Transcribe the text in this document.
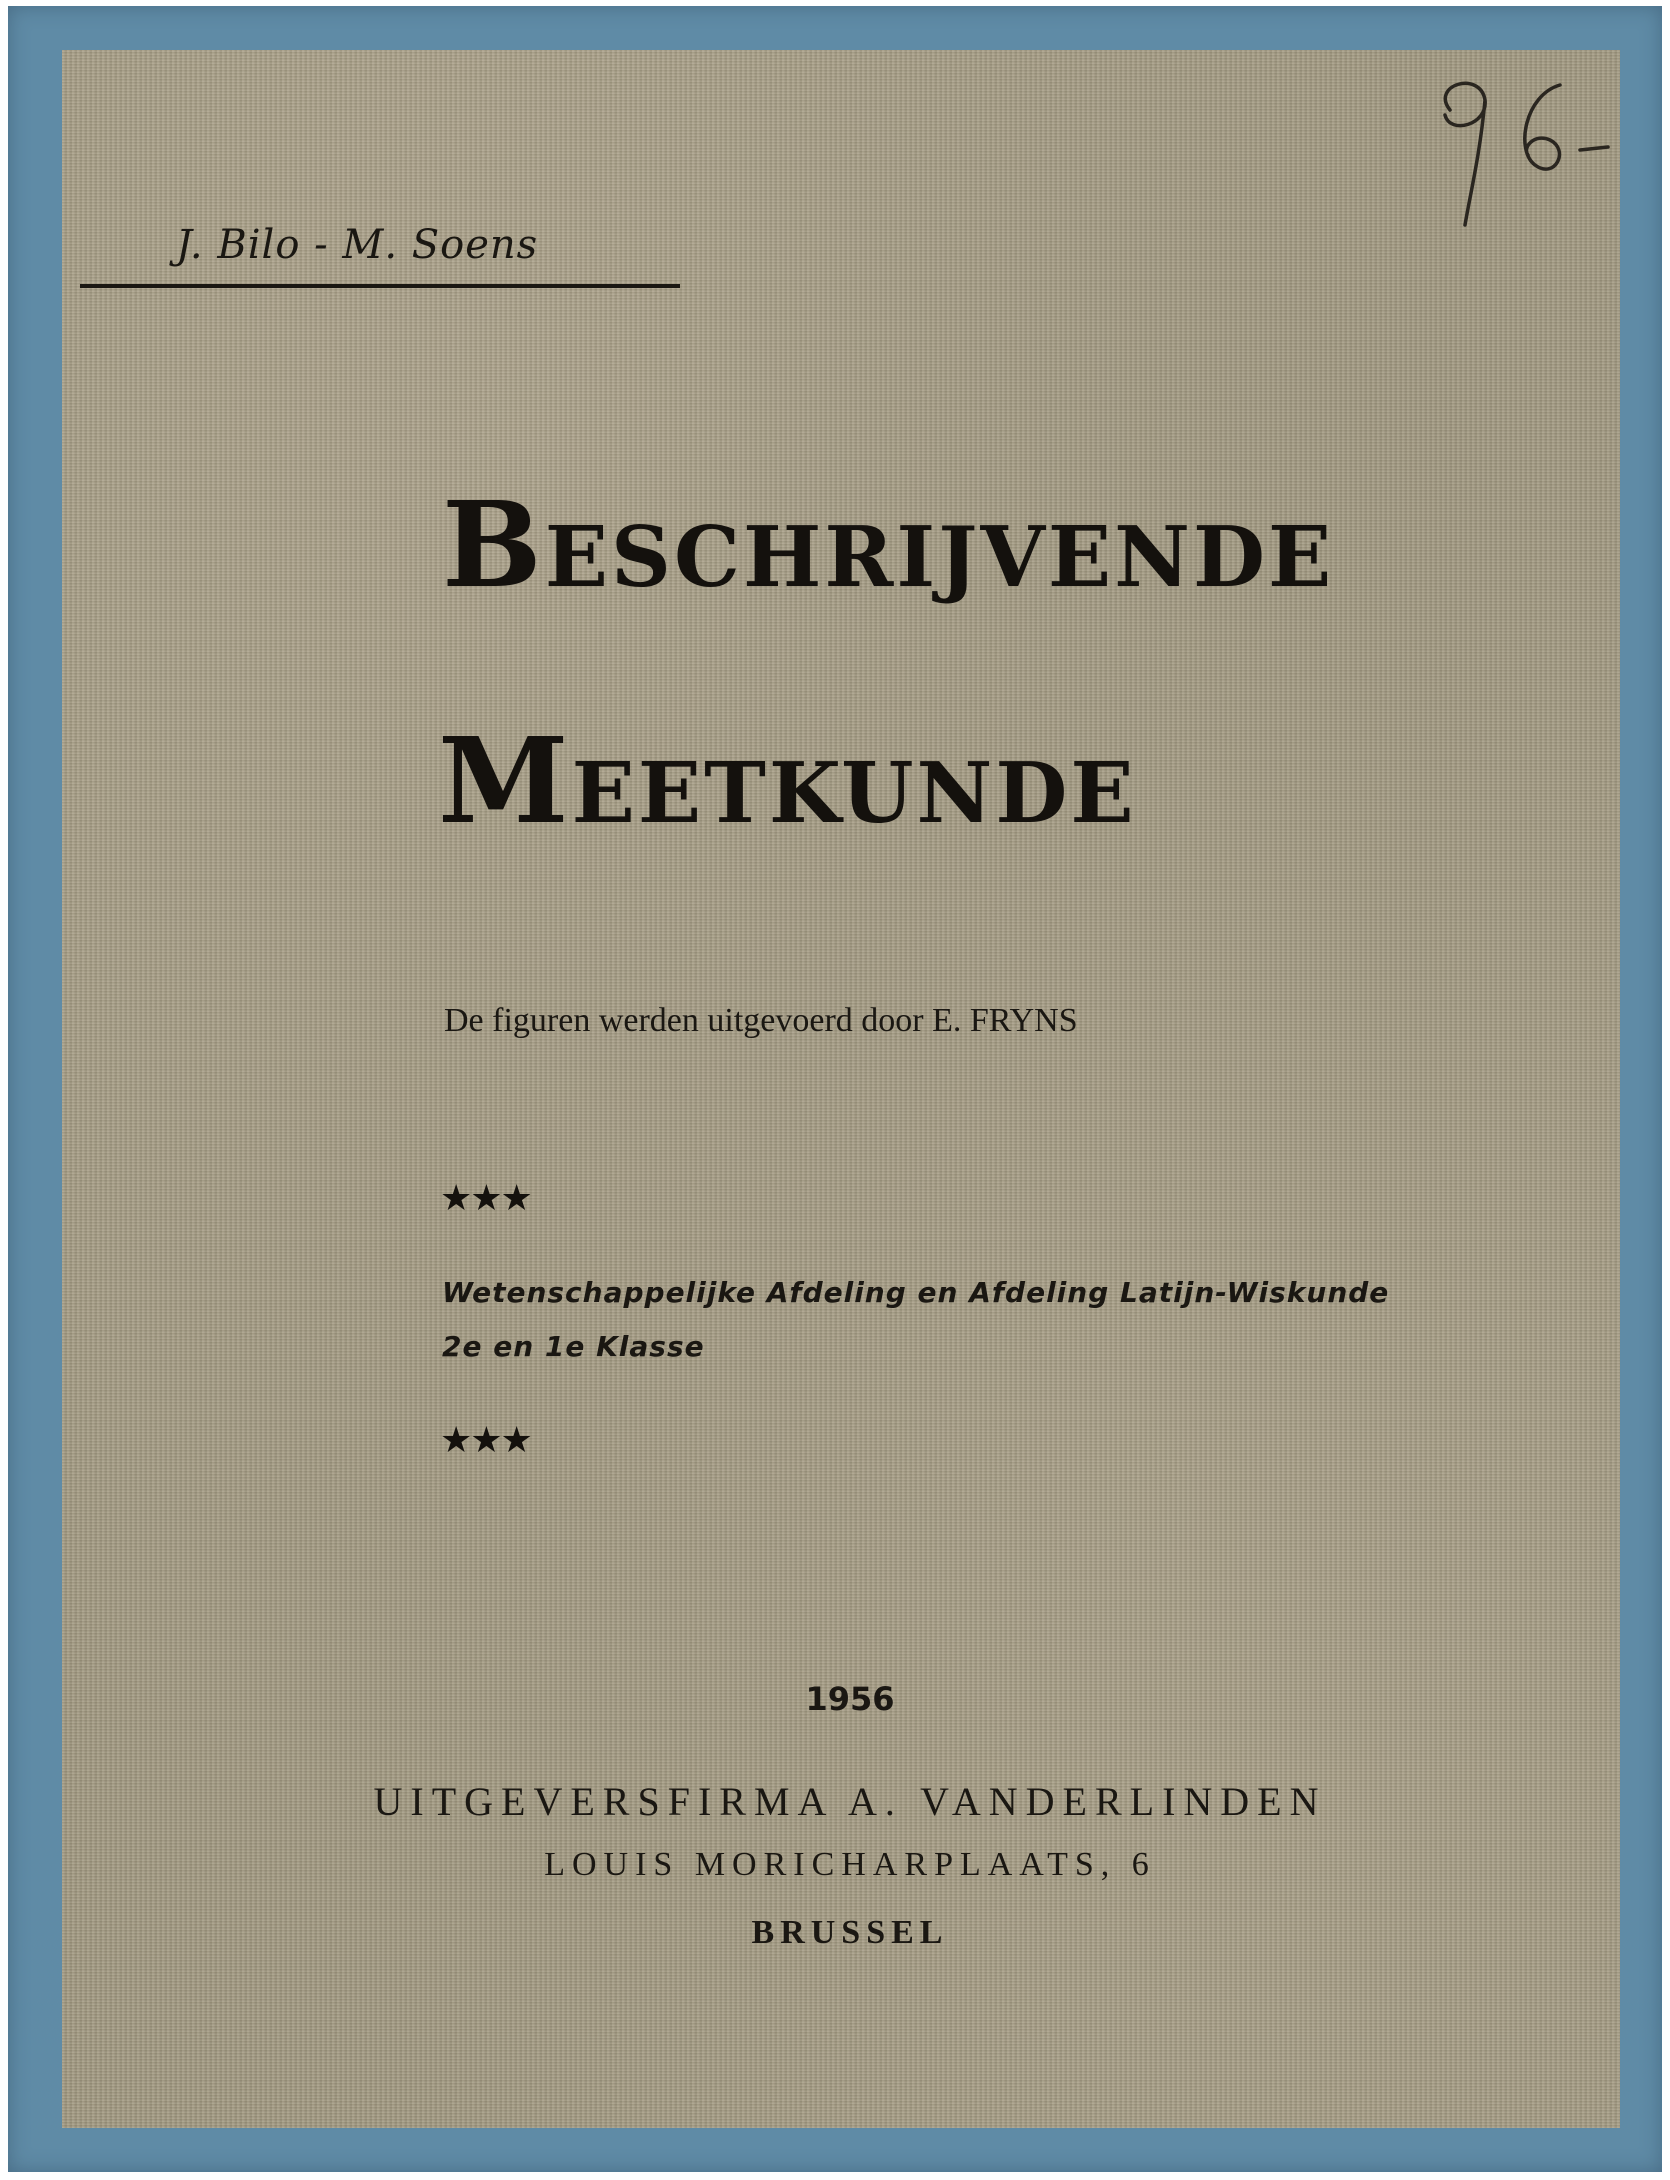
J. Bilo - M. Soens
Beschrijvende
Meetkunde
De figuren werden uitgevoerd door E. FRYNS
★★★
Wetenschappelijke Afdeling en Afdeling Latijn-Wiskunde
2e en 1e Klasse
★★★
1956
UITGEVERSFIRMA A. VANDERLINDEN
LOUIS MORICHARPLAATS, 6
BRUSSEL
